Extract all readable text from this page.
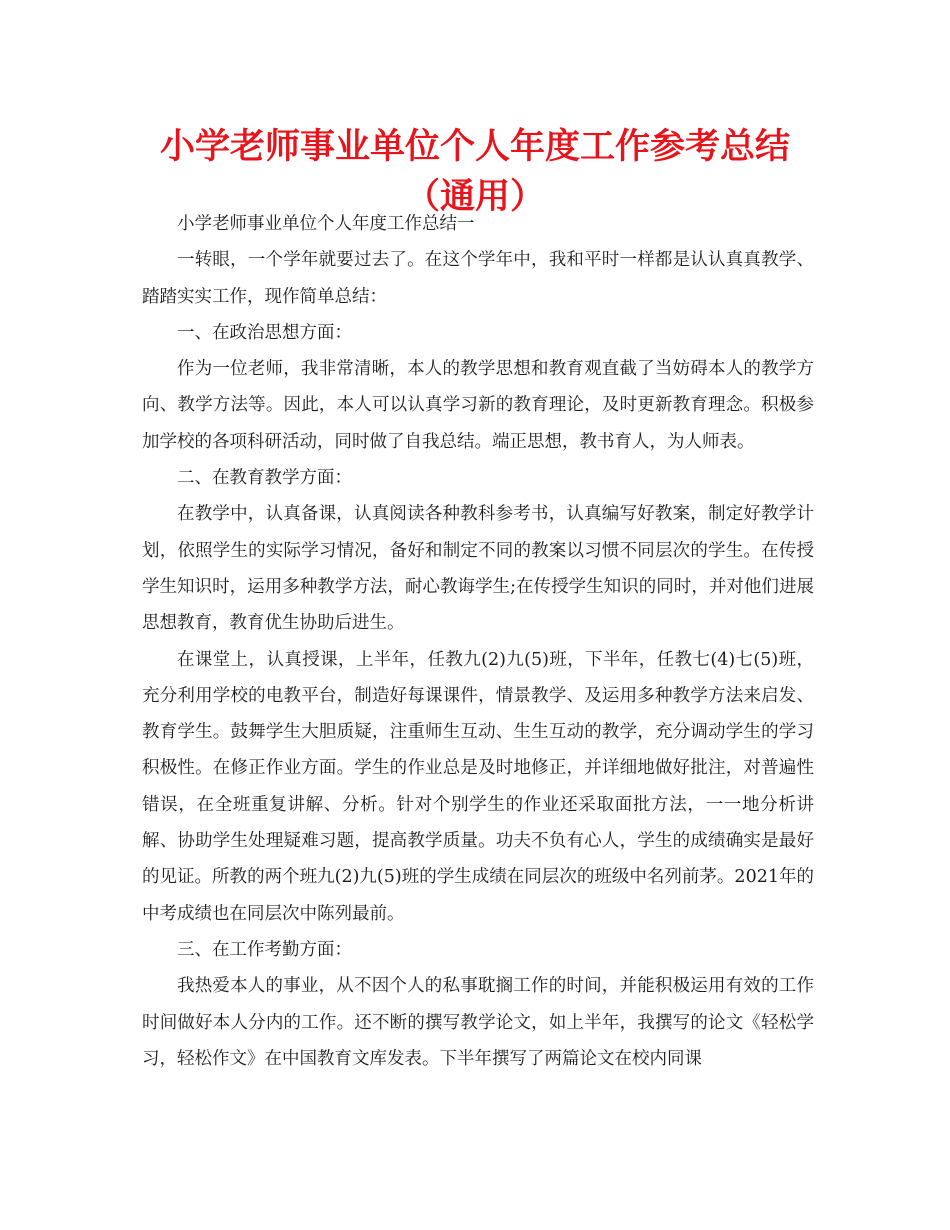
小学老师事业单位个人年度工作参考总结（通用）

小学老师事业单位个人年度工作总结一

一转眼，一个学年就要过去了。在这个学年中，我和平时一样都是认认真真教学、踏踏实实工作，现作简单总结：

一、在政治思想方面：

作为一位老师，我非常清晰，本人的教学思想和教育观直截了当妨碍本人的教学方向、教学方法等。因此，本人可以认真学习新的教育理论，及时更新教育理念。积极参加学校的各项科研活动，同时做了自我总结。端正思想，教书育人，为人师表。

二、在教育教学方面：

在教学中，认真备课，认真阅读各种教科参考书，认真编写好教案，制定好教学计划，依照学生的实际学习情况，备好和制定不同的教案以习惯不同层次的学生。在传授学生知识时，运用多种教学方法，耐心教诲学生;在传授学生知识的同时，并对他们进展思想教育，教育优生协助后进生。

在课堂上，认真授课，上半年，任教九(2)九(5)班，下半年，任教七(4)七(5)班，充分利用学校的电教平台，制造好每课课件，情景教学、及运用多种教学方法来启发、教育学生。鼓舞学生大胆质疑，注重师生互动、生生互动的教学，充分调动学生的学习积极性。在修正作业方面。学生的作业总是及时地修正，并详细地做好批注，对普遍性错误，在全班重复讲解、分析。针对个别学生的作业还采取面批方法，一一地分析讲解、协助学生处理疑难习题，提高教学质量。功夫不负有心人，学生的成绩确实是最好的见证。所教的两个班九(2)九(5)班的学生成绩在同层次的班级中名列前茅。2021年的中考成绩也在同层次中陈列最前。

三、在工作考勤方面：

我热爱本人的事业，从不因个人的私事耽搁工作的时间，并能积极运用有效的工作时间做好本人分内的工作。还不断的撰写教学论文，如上半年，我撰写的论文《轻松学习，轻松作文》在中国教育文库发表。下半年撰写了两篇论文在校内同课
